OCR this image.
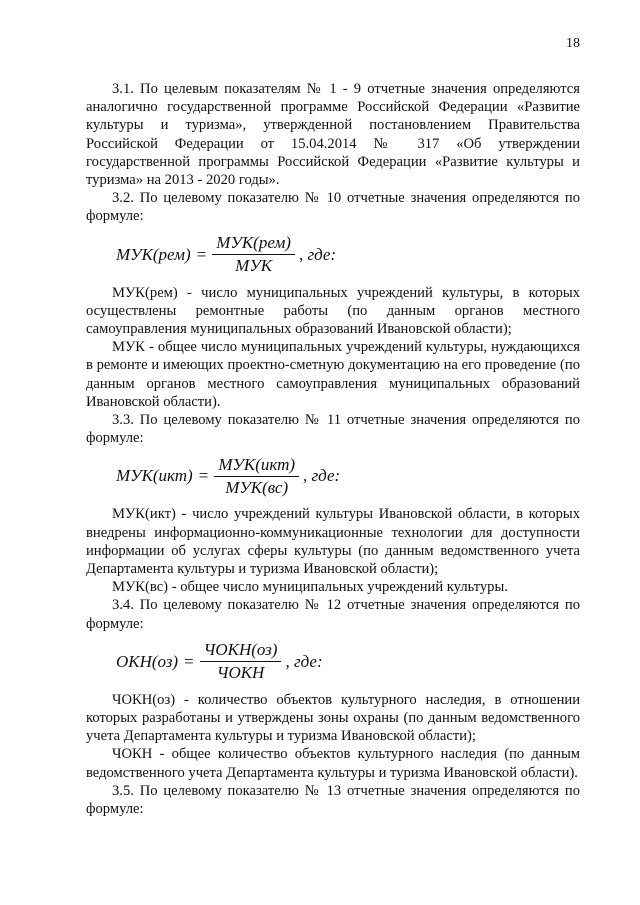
18

3.1. По целевым показателям № 1 - 9 отчетные значения определяются аналогично государственной программе Российской Федерации «Развитие культуры и туризма», утвержденной постановлением Правительства Российской Федерации от 15.04.2014 № 317 «Об утверждении государственной программы Российской Федерации «Развитие культуры и туризма» на 2013 - 2020 годы».

3.2. По целевому показателю № 10 отчетные значения определяются по формуле:

$МУК(рем) = \frac{\text{МУК(рем)}}{\text{МУК}}$ , где:

МУК(рем) - число муниципальных учреждений культуры, в которых осуществлены ремонтные работы (по данным органов местного самоуправления муниципальных образований Ивановской области);

МУК - общее число муниципальных учреждений культуры, нуждающихся в ремонте и имеющих проектно-сметную документацию на его проведение (по данным органов местного самоуправления муниципальных образований Ивановской области).

3.3. По целевому показателю № 11 отчетные значения определяются по формуле:

$МУК(икт) = \frac{\text{МУК(икт)}}{\text{МУК(вс)}}$ , где:

МУК(икт) - число учреждений культуры Ивановской области, в которых внедрены информационно-коммуникационные технологии для доступности информации об услугах сферы культуры (по данным ведомственного учета Департамента культуры и туризма Ивановской области);

МУК(вс) - общее число муниципальных учреждений культуры.

3.4. По целевому показателю № 12 отчетные значения определяются по формуле:

$ОКН(оз) = \frac{\text{ЧОКН(оз)}}{\text{ЧОКН}}$ , где:

ЧОКН(оз) - количество объектов культурного наследия, в отношении которых разработаны и утверждены зоны охраны (по данным ведомственного учета Департамента культуры и туризма Ивановской области);

ЧОКН - общее количество объектов культурного наследия (по данным ведомственного учета Департамента культуры и туризма Ивановской области).

3.5. По целевому показателю № 13 отчетные значения определяются по формуле:
